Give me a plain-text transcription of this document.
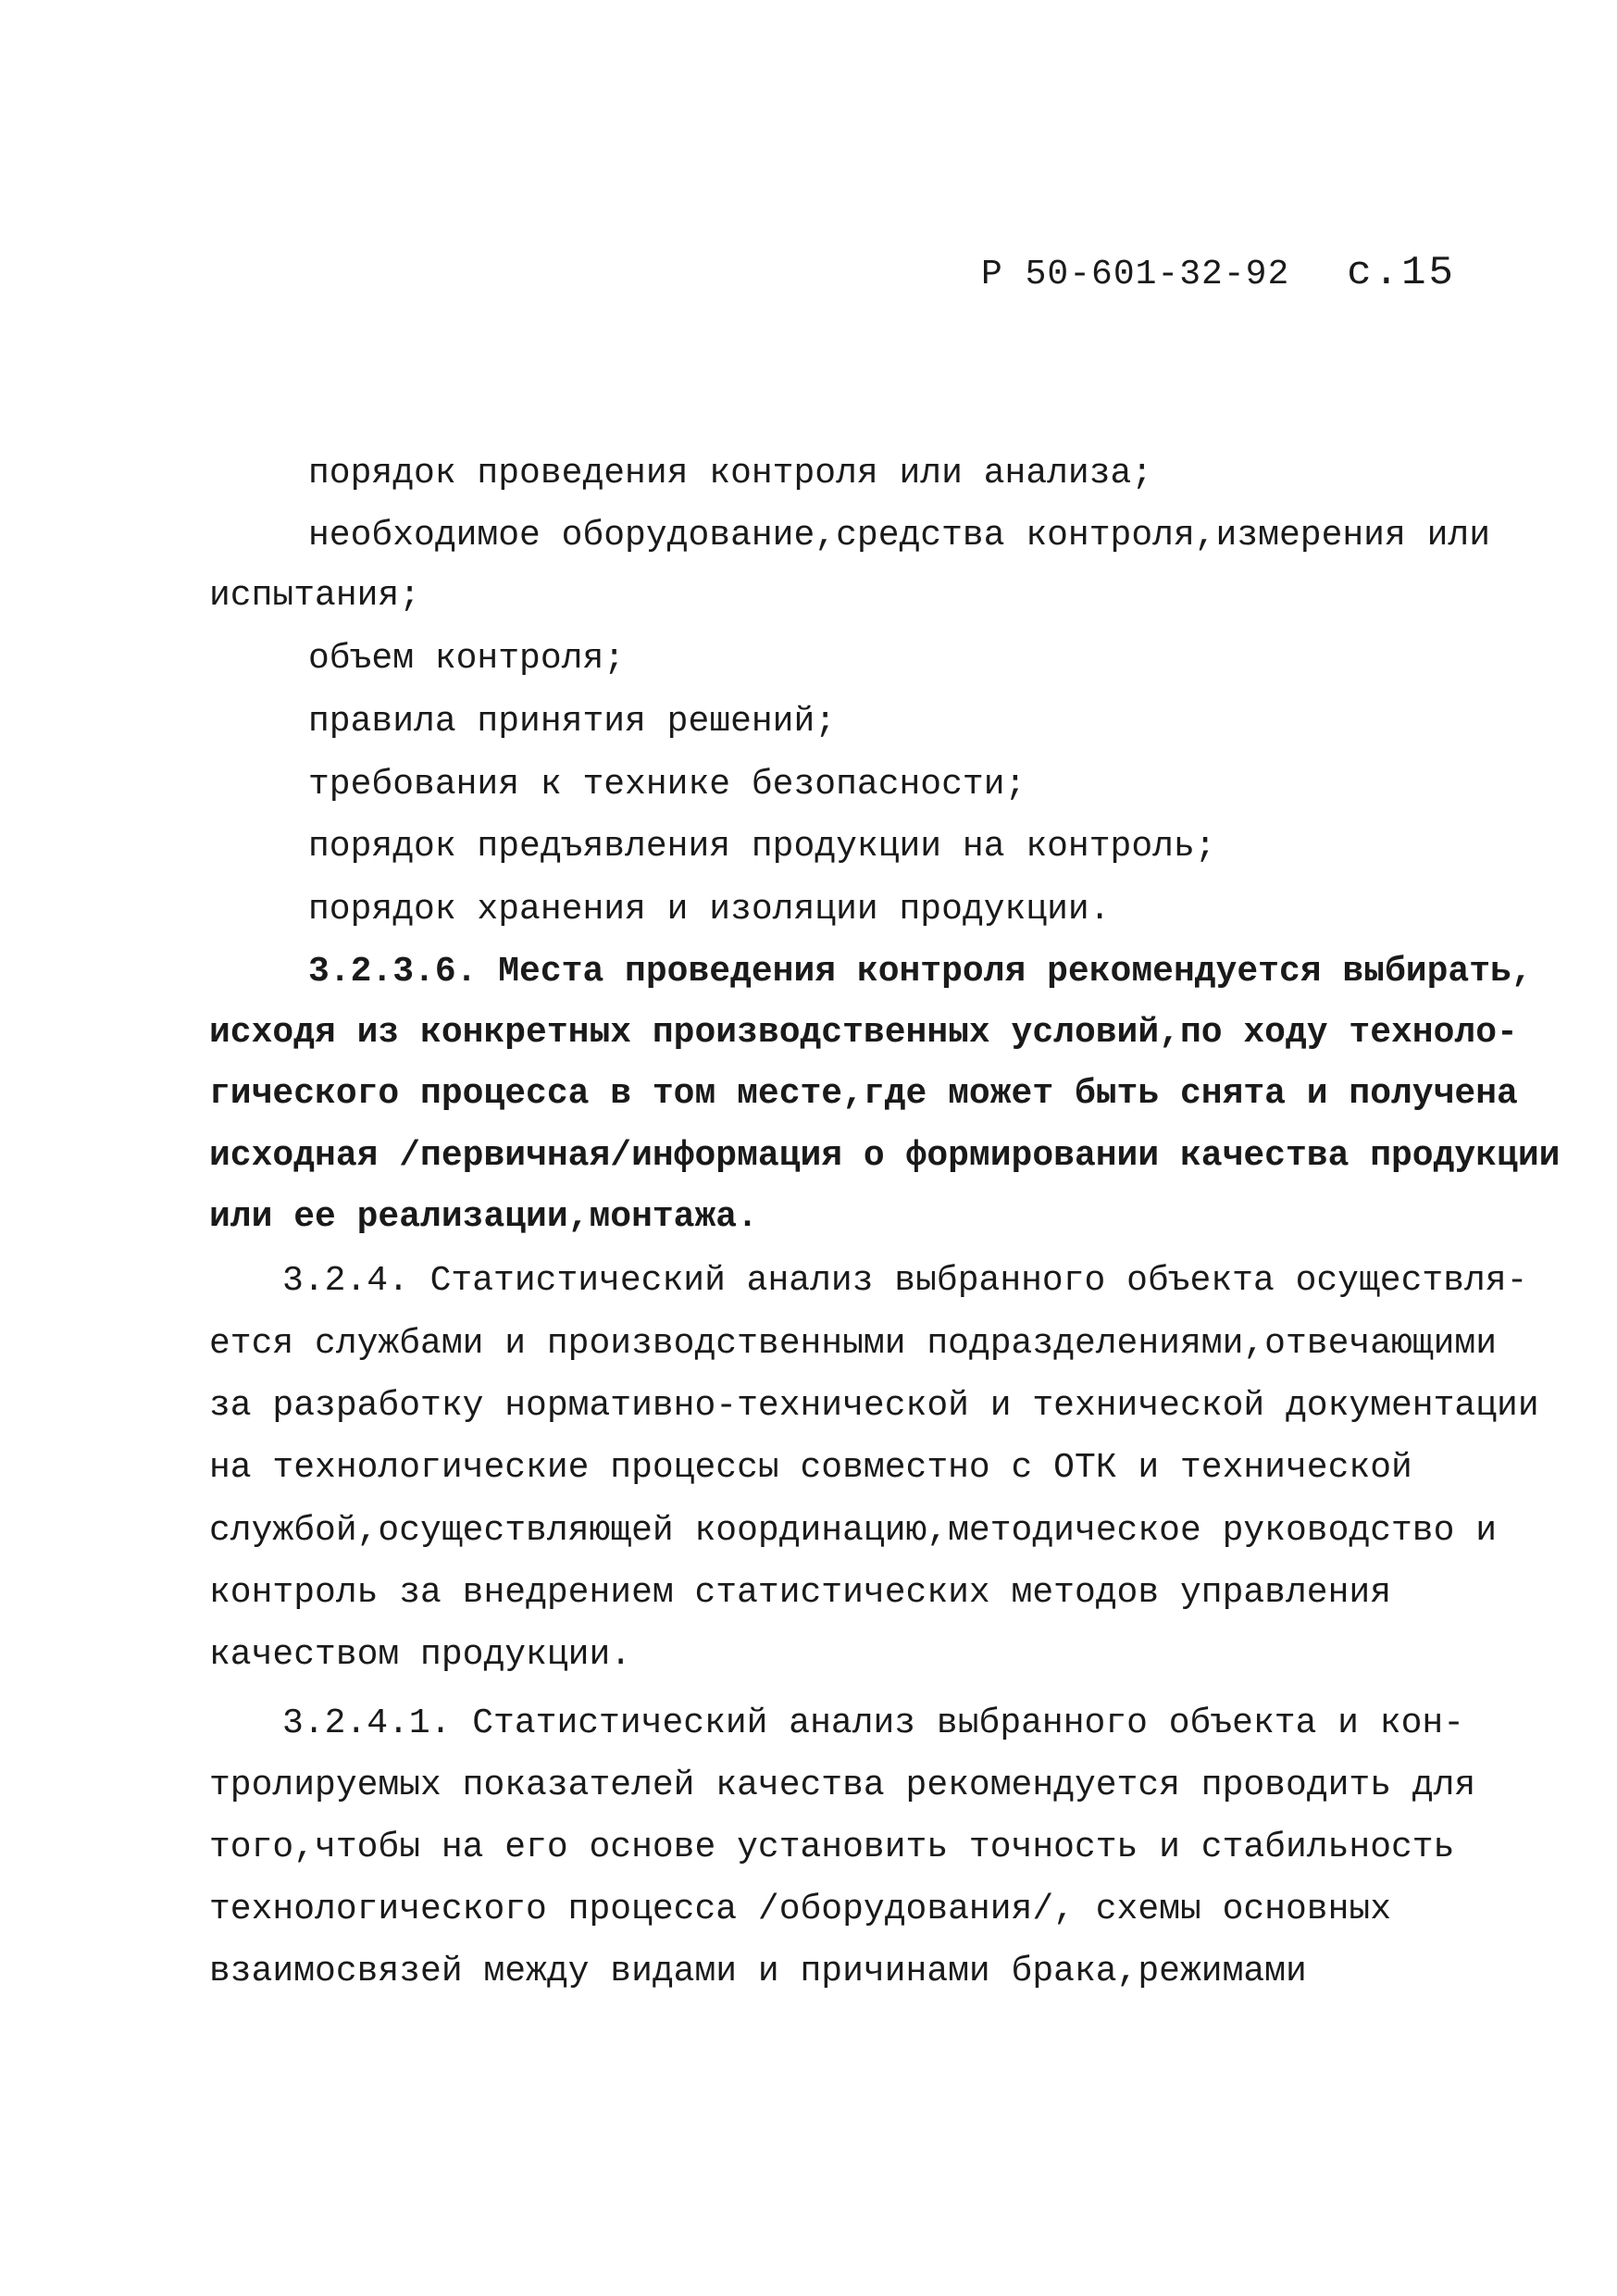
Р 50-601-32-92 с.15
порядок проведения контроля или анализа;
необходимое оборудование,средства контроля,измерения или
испытания;
объем контроля;
правила принятия решений;
требования к технике безопасности;
порядок предъявления продукции на контроль;
порядок хранения и изоляции продукции.
3.2.3.6. Места проведения контроля рекомендуется выбирать,
исходя из конкретных производственных условий,по ходу техноло-
гического процесса в том месте,где может быть снята и получена
исходная /первичная/информация о формировании качества продукции
или ее реализации,монтажа.
3.2.4. Статистический анализ выбранного объекта осуществля-
ется службами и производственными подразделениями,отвечающими
за разработку нормативно-технической и технической документации
на технологические процессы совместно с ОТК и технической
службой,осуществляющей координацию,методическое руководство и
контроль за внедрением статистических методов управления
качеством продукции.
3.2.4.1. Статистический анализ выбранного объекта и кон-
тролируемых показателей качества рекомендуется проводить для
того,чтобы на его основе установить точность и стабильность
технологического процесса /оборудования/, схемы основных
взаимосвязей между видами и причинами брака,режимами
